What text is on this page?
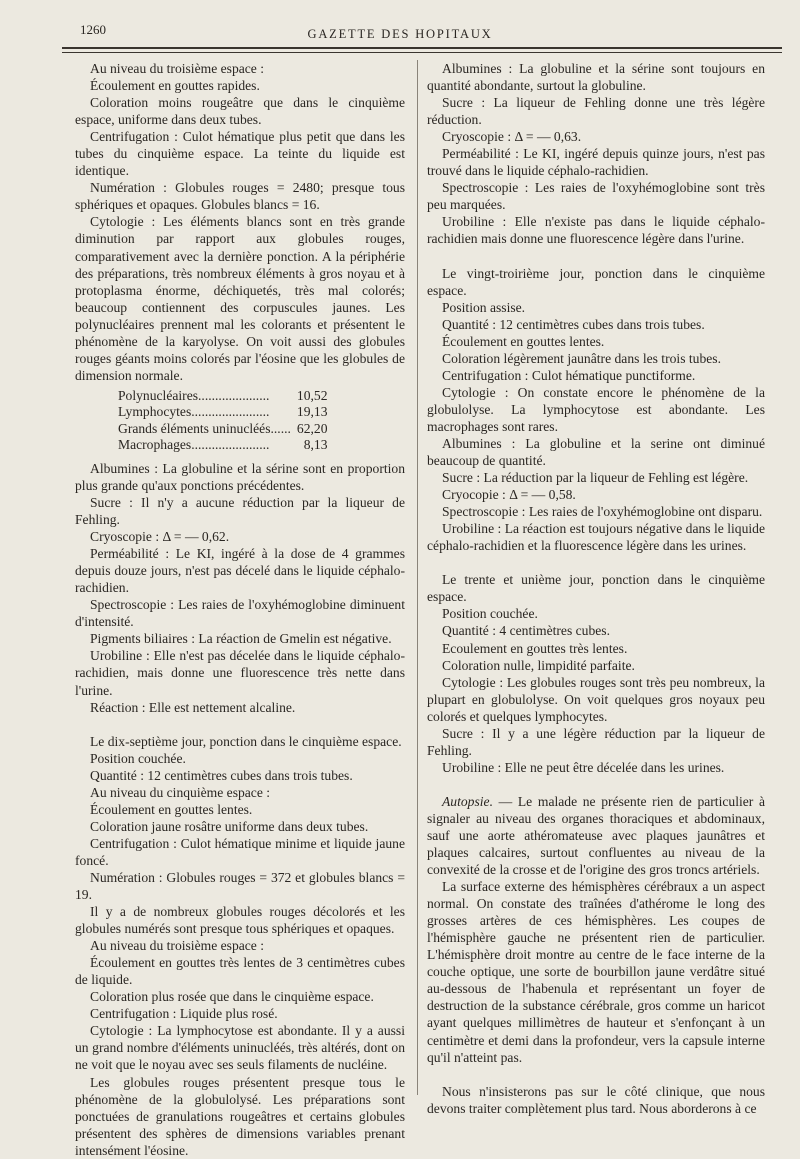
1260	GAZETTE DES HOPITAUX

Au niveau du troisième espace :

Écoulement en gouttes rapides.

Coloration moins rougeâtre que dans le cinquième espace, uniforme dans deux tubes.

Centrifugation : Culot hématique plus petit que dans les tubes du cinquième espace. La teinte du liquide est identique.

Numération : Globules rouges = 2480; presque tous sphériques et opaques. Globules blancs = 16.

Cytologie : Les éléments blancs sont en très grande diminution par rapport aux globules rouges, comparativement avec la dernière ponction. A la périphérie des préparations, très nombreux éléments à gros noyau et à protoplasma énorme, déchiquetés, très mal colorés; beaucoup contiennent des corpuscules jaunes. Les polynucléaires prennent mal les colorants et présentent le phénomène de la karyolyse. On voit aussi des globules rouges géants moins colorés par l'éosine que les globules de dimension normale.

Polynucléaires.....................	10,52
Lymphocytes.......................	19,13
Grands éléments uninucléés......	62,20
Macrophages.......................	8,13

Albumines : La globuline et la sérine sont en proportion plus grande qu'aux ponctions précédentes.

Sucre : Il n'y a aucune réduction par la liqueur de Fehling.

Cryoscopie : Δ = — 0,62.

Perméabilité : Le KI, ingéré à la dose de 4 grammes depuis douze jours, n'est pas décelé dans le liquide céphalo-rachidien.

Spectroscopie : Les raies de l'oxyhémoglobine diminuent d'intensité.

Pigments biliaires : La réaction de Gmelin est négative.

Urobiline : Elle n'est pas décelée dans le liquide céphalo-rachidien, mais donne une fluorescence très nette dans l'urine.

Réaction : Elle est nettement alcaline.

Le dix-septième jour, ponction dans le cinquième espace.

Position couchée.

Quantité : 12 centimètres cubes dans trois tubes.

Au niveau du cinquième espace :

Écoulement en gouttes lentes.

Coloration jaune rosâtre uniforme dans deux tubes.

Centrifugation : Culot hématique minime et liquide jaune foncé.

Numération : Globules rouges = 372 et globules blancs = 19.

Il y a de nombreux globules rouges décolorés et les globules numérés sont presque tous sphériques et opaques.

Au niveau du troisième espace :

Écoulement en gouttes très lentes de 3 centimètres cubes de liquide.

Coloration plus rosée que dans le cinquième espace.

Centrifugation : Liquide plus rosé.

Cytologie : La lymphocytose est abondante. Il y a aussi un grand nombre d'éléments uninucléés, très altérés, dont on ne voit que le noyau avec ses seuls filaments de nucléine.

Les globules rouges présentent presque tous le phénomène de la globulolysé. Les préparations sont ponctuées de granulations rougeâtres et certains globules présentent des sphères de dimensions variables prenant intensément l'éosine.

Albumines : La globuline et la sérine sont toujours en quantité abondante, surtout la globuline.

Sucre : La liqueur de Fehling donne une très légère réduction.

Cryoscopie : Δ = — 0,63.

Perméabilité : Le KI, ingéré depuis quinze jours, n'est pas trouvé dans le liquide céphalo-rachidien.

Spectroscopie : Les raies de l'oxyhémoglobine sont très peu marquées.

Urobiline : Elle n'existe pas dans le liquide céphalo-rachidien mais donne une fluorescence légère dans l'urine.

Le vingt-troirième jour, ponction dans le cinquième espace.

Position assise.

Quantité : 12 centimètres cubes dans trois tubes.

Écoulement en gouttes lentes.

Coloration légèrement jaunâtre dans les trois tubes.

Centrifugation : Culot hématique punctiforme.

Cytologie : On constate encore le phénomène de la globulolyse. La lymphocytose est abondante. Les macrophages sont rares.

Albumines : La globuline et la serine ont diminué beaucoup de quantité.

Sucre : La réduction par la liqueur de Fehling est légère.

Cryocopie : Δ = — 0,58.

Spectroscopie : Les raies de l'oxyhémoglobine ont disparu.

Urobiline : La réaction est toujours négative dans le liquide céphalo-rachidien et la fluorescence légère dans les urines.

Le trente et unième jour, ponction dans le cinquième espace.

Position couchée.

Quantité : 4 centimètres cubes.

Ecoulement en gouttes très lentes.

Coloration nulle, limpidité parfaite.

Cytologie : Les globules rouges sont très peu nombreux, la plupart en globulolyse. On voit quelques gros noyaux peu colorés et quelques lymphocytes.

Sucre : Il y a une légère réduction par la liqueur de Fehling.

Urobiline : Elle ne peut être décelée dans les urines.

Autopsie. — Le malade ne présente rien de particulier à signaler au niveau des organes thoraciques et abdominaux, sauf une aorte athéromateuse avec plaques jaunâtres et plaques calcaires, surtout confluentes au niveau de la convexité de la crosse et de l'origine des gros troncs artériels.

La surface externe des hémisphères cérébraux a un aspect normal. On constate des traînées d'athérome le long des grosses artères de ces hémisphères. Les coupes de l'hémisphère gauche ne présentent rien de particulier. L'hémisphère droit montre au centre de le face interne de la couche optique, une sorte de bourbillon jaune verdâtre situé au-dessous de l'habenula et représentant un foyer de destruction de la substance cérébrale, gros comme un haricot ayant quelques millimètres de hauteur et s'enfonçant à un centimètre et demi dans la profondeur, vers la capsule interne qu'il n'atteint pas.

Nous n'insisterons pas sur le côté clinique, que nous devons traiter complètement plus tard. Nous aborderons à ce
